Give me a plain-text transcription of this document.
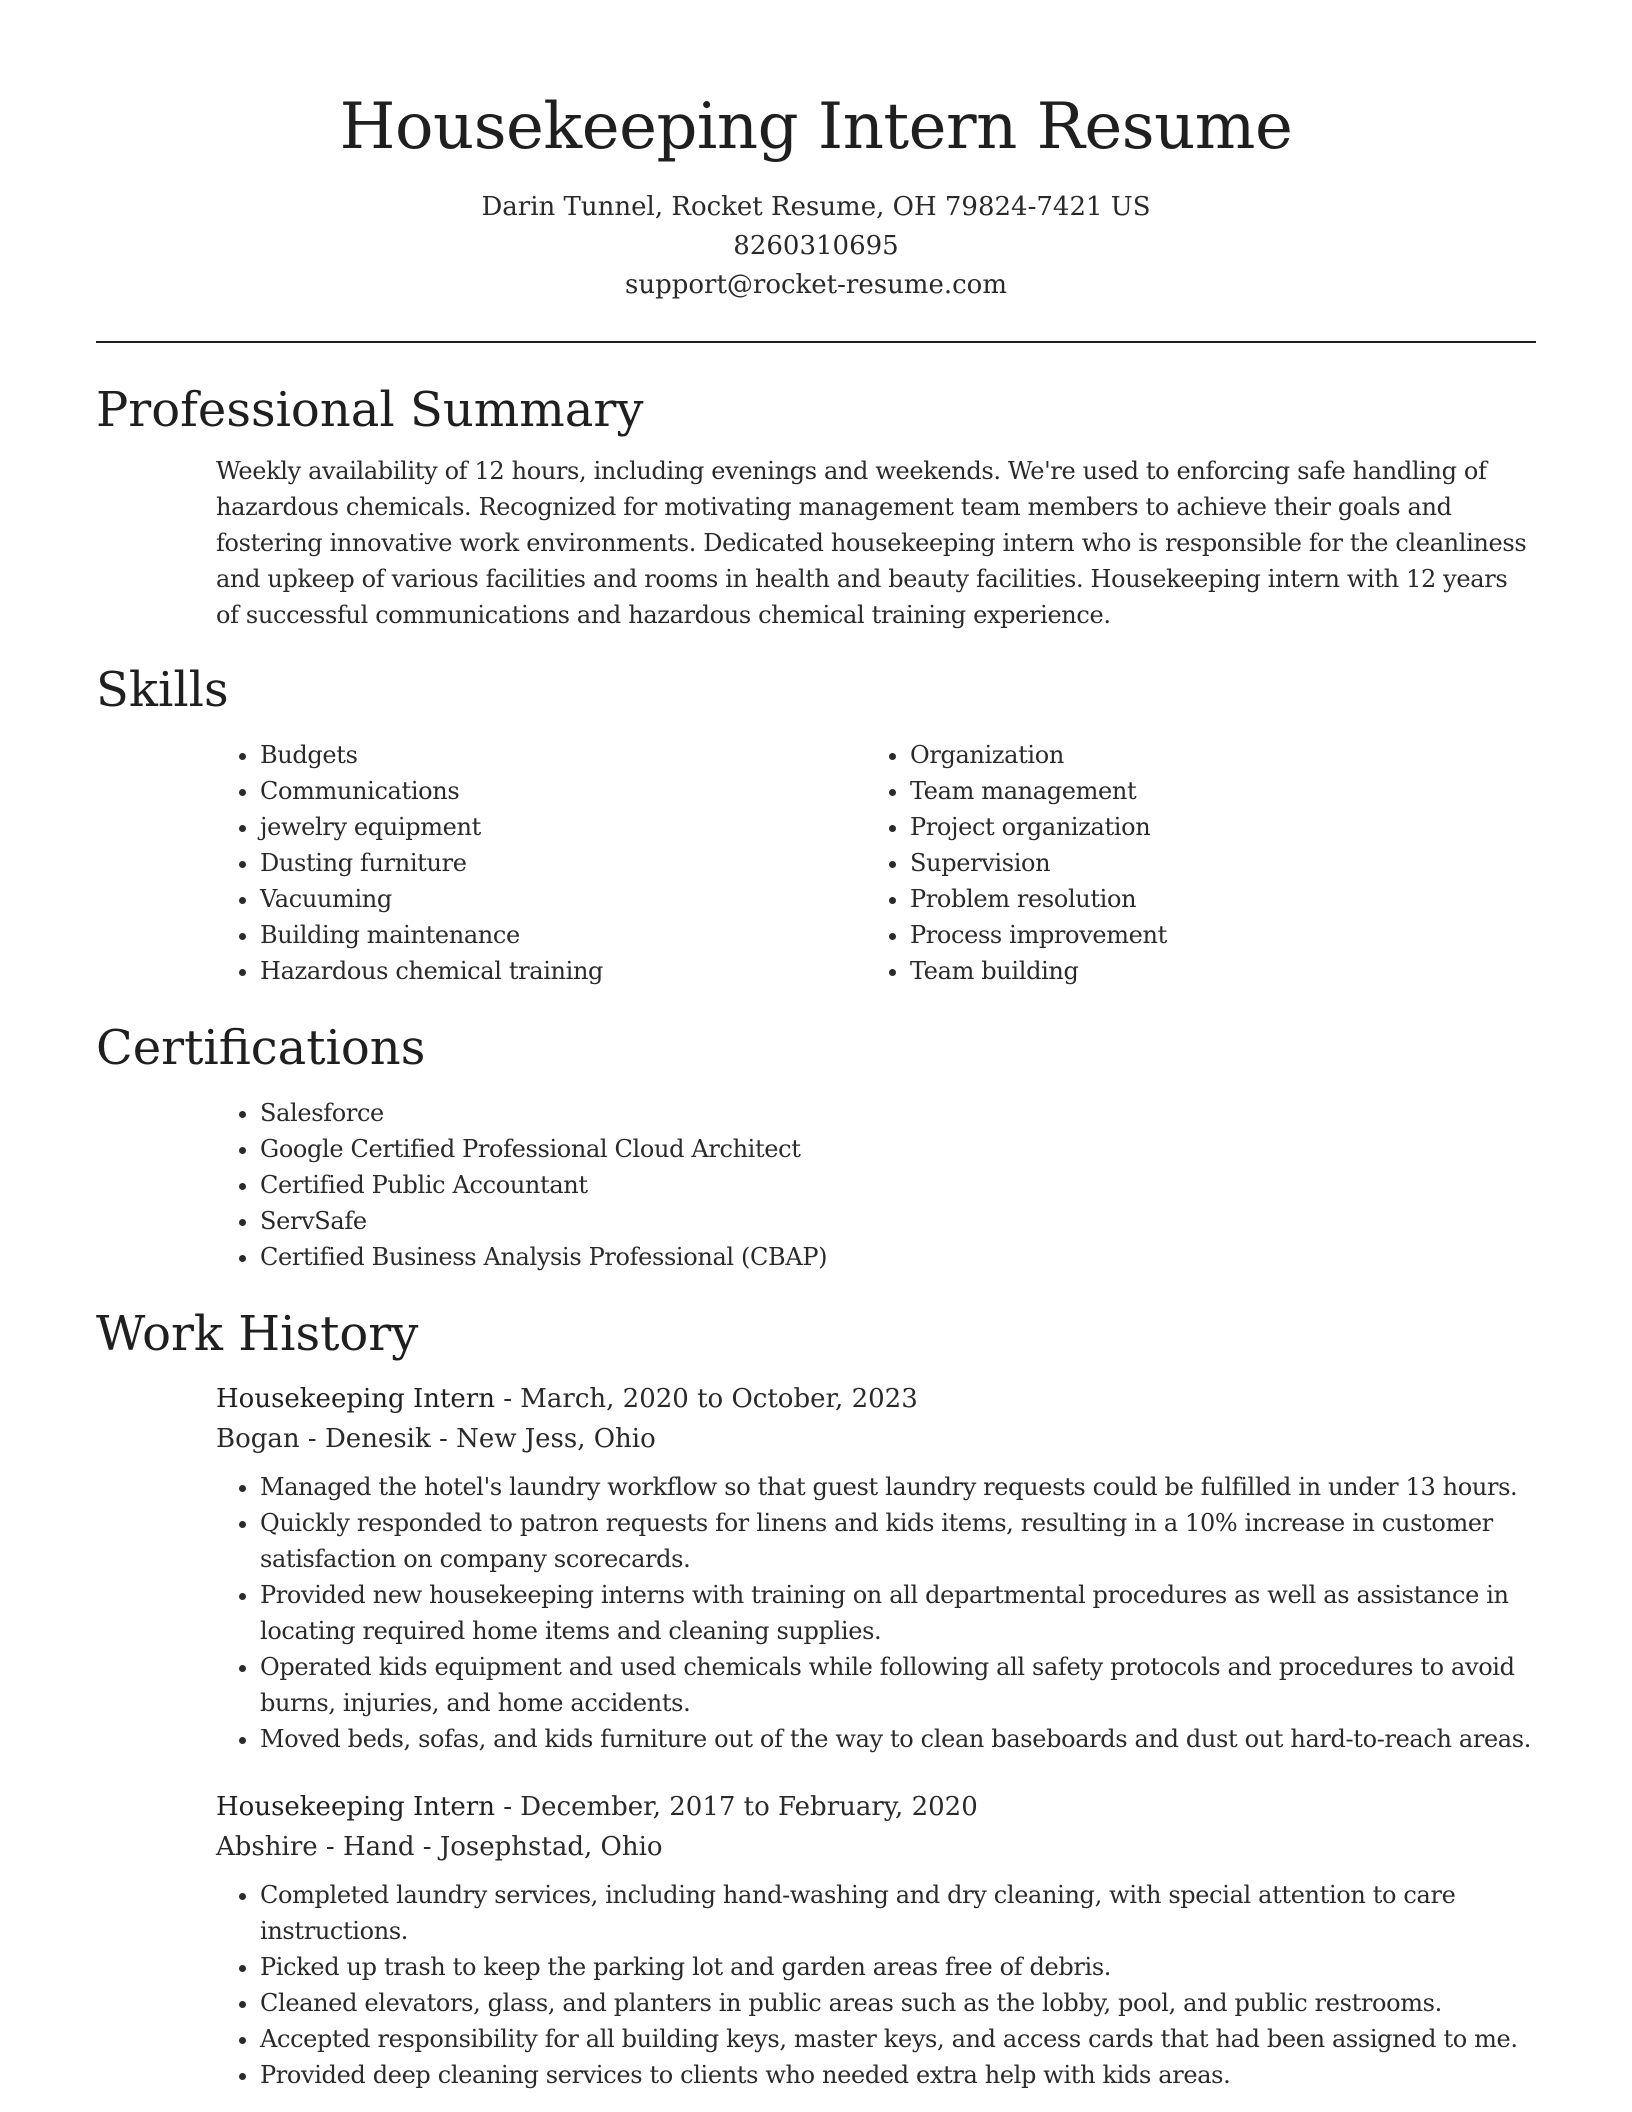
Housekeeping Intern Resume
Darin Tunnel, Rocket Resume, OH 79824-7421 US
8260310695
support@rocket-resume.com
Professional Summary

Weekly availability of 12 hours, including evenings and weekends. We're used to enforcing safe handling of hazardous chemicals. Recognized for motivating management team members to achieve their goals and fostering innovative work environments. Dedicated housekeeping intern who is responsible for the cleanliness and upkeep of various facilities and rooms in health and beauty facilities. Housekeeping intern with 12 years of successful communications and hazardous chemical training experience.

Skills
• Budgets
• Communications
• jewelry equipment
• Dusting furniture
• Vacuuming
• Building maintenance
• Hazardous chemical training
• Organization
• Team management
• Project organization
• Supervision
• Problem resolution
• Process improvement
• Team building
Certifications
• Salesforce
• Google Certified Professional Cloud Architect
• Certified Public Accountant
• ServSafe
• Certified Business Analysis Professional (CBAP)
Work History
Housekeeping Intern - March, 2020 to October, 2023
Bogan - Denesik - New Jess, Ohio
• Managed the hotel's laundry workflow so that guest laundry requests could be fulfilled in under 13 hours.
• Quickly responded to patron requests for linens and kids items, resulting in a 10% increase in customer satisfaction on company scorecards.
• Provided new housekeeping interns with training on all departmental procedures as well as assistance in locating required home items and cleaning supplies.
• Operated kids equipment and used chemicals while following all safety protocols and procedures to avoid burns, injuries, and home accidents.
• Moved beds, sofas, and kids furniture out of the way to clean baseboards and dust out hard-to-reach areas.
Housekeeping Intern - December, 2017 to February, 2020
Abshire - Hand - Josephstad, Ohio
• Completed laundry services, including hand-washing and dry cleaning, with special attention to care instructions.
• Picked up trash to keep the parking lot and garden areas free of debris.
• Cleaned elevators, glass, and planters in public areas such as the lobby, pool, and public restrooms.
• Accepted responsibility for all building keys, master keys, and access cards that had been assigned to me.
• Provided deep cleaning services to clients who needed extra help with kids areas.
